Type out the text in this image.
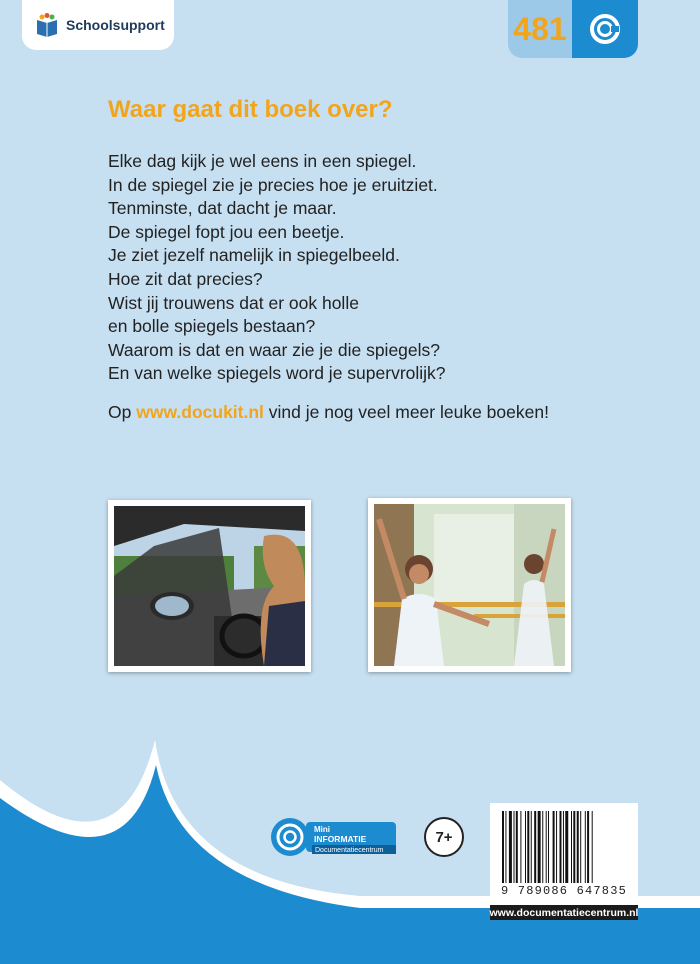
Schoolsupport	481
Waar gaat dit boek over?
Elke dag kijk je wel eens in een spiegel.
In de spiegel zie je precies hoe je eruitziet.
Tenminste, dat dacht je maar.
De spiegel fopt jou een beetje.
Je ziet jezelf namelijk in spiegelbeeld.
Hoe zit dat precies?
Wist jij trouwens dat er ook holle
en bolle spiegels bestaan?
Waarom is dat en waar zie je die spiegels?
En van welke spiegels word je supervrolijk?
Op www.docukit.nl vind je nog veel meer leuke boeken!
Mini
INFORMATIE
Documentatiecentrum
7+
9 789086 647835
www.documentatiecentrum.nl
